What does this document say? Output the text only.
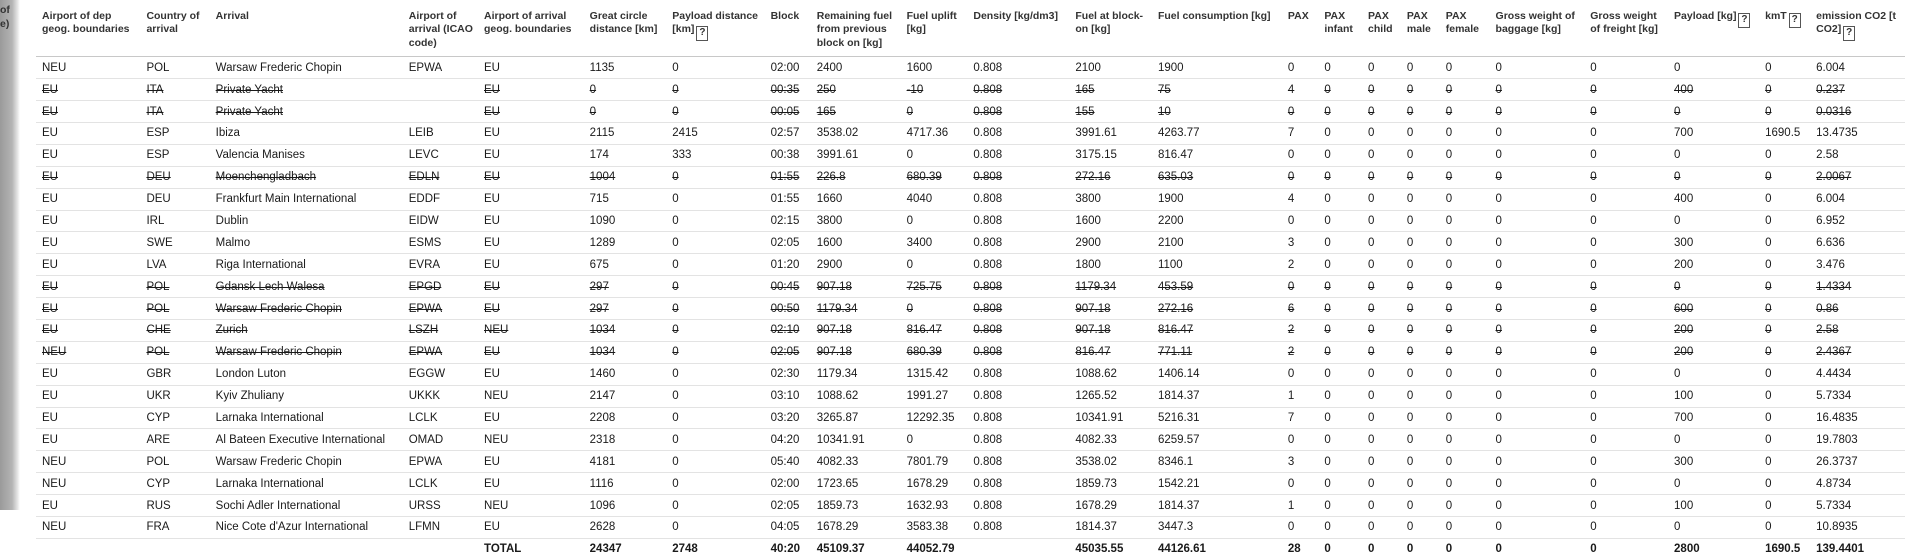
of
e)
Airport of dep geog. boundaries	Country of arrival	Arrival	Airport of arrival (ICAO code)	Airport of arrival geog. boundaries	Great circle distance [km]	Payload distance [km] ?	Block	Remaining fuel from previous block on [kg]	Fuel uplift [kg]	Density [kg/dm3]	Fuel at block-on [kg]	Fuel consumption [kg]	PAX	PAX infant	PAX child	PAX male	PAX female	Gross weight of baggage [kg]	Gross weight of freight [kg]	Payload [kg] ?	kmT ?	emission CO2 [t CO2] ?
NEU	POL	Warsaw Frederic Chopin	EPWA	EU	1135	0	02:00	2400	1600	0.808	2100	1900	0	0	0	0	0	0	0	0	0	6.004
EU	ITA	Private Yacht		EU	0	0	00:35	250	-10	0.808	165	75	4	0	0	0	0	0	0	400	0	0.237
EU	ITA	Private Yacht		EU	0	0	00:05	165	0	0.808	155	10	0	0	0	0	0	0	0	0	0	0.0316
EU	ESP	Ibiza	LEIB	EU	2115	2415	02:57	3538.02	4717.36	0.808	3991.61	4263.77	7	0	0	0	0	0	0	700	1690.5	13.4735
EU	ESP	Valencia Manises	LEVC	EU	174	333	00:38	3991.61	0	0.808	3175.15	816.47	0	0	0	0	0	0	0	0	0	2.58
EU	DEU	Moenchengladbach	EDLN	EU	1004	0	01:55	226.8	680.39	0.808	272.16	635.03	0	0	0	0	0	0	0	0	0	2.0067
EU	DEU	Frankfurt Main International	EDDF	EU	715	0	01:55	1660	4040	0.808	3800	1900	4	0	0	0	0	0	0	400	0	6.004
EU	IRL	Dublin	EIDW	EU	1090	0	02:15	3800	0	0.808	1600	2200	0	0	0	0	0	0	0	0	0	6.952
EU	SWE	Malmo	ESMS	EU	1289	0	02:05	1600	3400	0.808	2900	2100	3	0	0	0	0	0	0	300	0	6.636
EU	LVA	Riga International	EVRA	EU	675	0	01:20	2900	0	0.808	1800	1100	2	0	0	0	0	0	0	200	0	3.476
EU	POL	Gdansk Lech Walesa	EPGD	EU	297	0	00:45	907.18	725.75	0.808	1179.34	453.59	0	0	0	0	0	0	0	0	0	1.4334
EU	POL	Warsaw Frederic Chopin	EPWA	EU	297	0	00:50	1179.34	0	0.808	907.18	272.16	6	0	0	0	0	0	0	600	0	0.86
EU	CHE	Zurich	LSZH	NEU	1034	0	02:10	907.18	816.47	0.808	907.18	816.47	2	0	0	0	0	0	0	200	0	2.58
NEU	POL	Warsaw Frederic Chopin	EPWA	EU	1034	0	02:05	907.18	680.39	0.808	816.47	771.11	2	0	0	0	0	0	0	200	0	2.4367
EU	GBR	London Luton	EGGW	EU	1460	0	02:30	1179.34	1315.42	0.808	1088.62	1406.14	0	0	0	0	0	0	0	0	0	4.4434
EU	UKR	Kyiv Zhuliany	UKKK	NEU	2147	0	03:10	1088.62	1991.27	0.808	1265.52	1814.37	1	0	0	0	0	0	0	100	0	5.7334
EU	CYP	Larnaka International	LCLK	EU	2208	0	03:20	3265.87	12292.35	0.808	10341.91	5216.31	7	0	0	0	0	0	0	700	0	16.4835
EU	ARE	Al Bateen Executive International	OMAD	NEU	2318	0	04:20	10341.91	0	0.808	4082.33	6259.57	0	0	0	0	0	0	0	0	0	19.7803
NEU	POL	Warsaw Frederic Chopin	EPWA	EU	4181	0	05:40	4082.33	7801.79	0.808	3538.02	8346.1	3	0	0	0	0	0	0	300	0	26.3737
NEU	CYP	Larnaka International	LCLK	EU	1116	0	02:00	1723.65	1678.29	0.808	1859.73	1542.21	0	0	0	0	0	0	0	0	0	4.8734
EU	RUS	Sochi Adler International	URSS	NEU	1096	0	02:05	1859.73	1632.93	0.808	1678.29	1814.37	1	0	0	0	0	0	0	100	0	5.7334
NEU	FRA	Nice Cote d'Azur International	LFMN	EU	2628	0	04:05	1678.29	3583.38	0.808	1814.37	3447.3	0	0	0	0	0	0	0	0	0	10.8935
				TOTAL	24347	2748	40:20	45109.37	44052.79		45035.55	44126.61	28	0	0	0	0	0	0	2800	1690.5	139.4401
